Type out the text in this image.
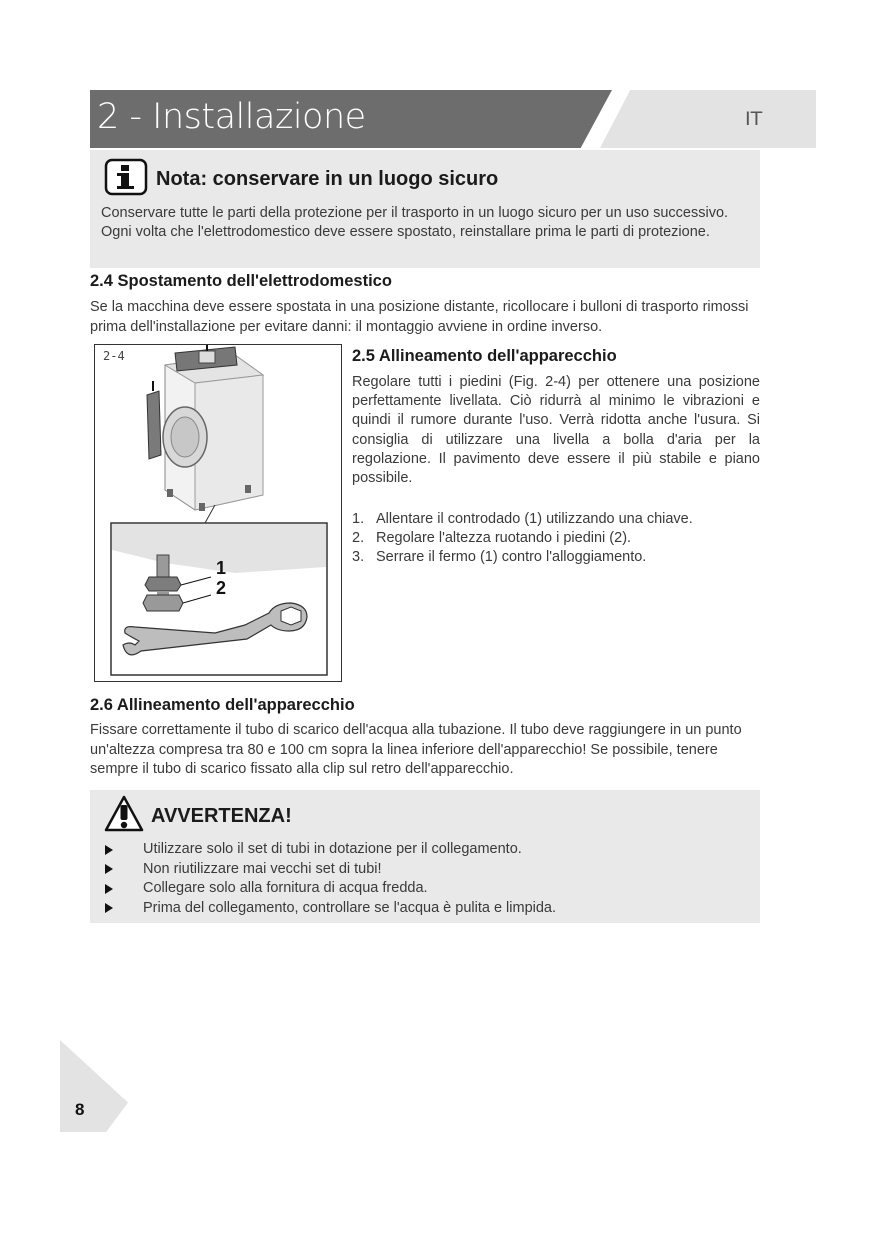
2 - Installazione	IT
Nota: conservare in un luogo sicuro
Conservare tutte le parti della protezione per il trasporto in un luogo sicuro per un uso successivo. Ogni volta che l'elettrodomestico deve essere spostato, reinstallare prima le parti di protezione.
2.4 Spostamento dell'elettrodomestico
Se la macchina deve essere spostata in una posizione distante, ricollocare i bulloni di trasporto rimossi prima dell'installazione per evitare danni: il montaggio avviene in ordine inverso.
2-4
1
2
2.5 Allineamento dell'apparecchio
Regolare tutti i piedini (Fig. 2-4) per ottenere una posizione perfettamente livellata. Ciò ridurrà al minimo le vibrazioni e quindi il rumore durante l'uso. Verrà ridotta anche l'usura. Si consiglia di utilizzare una livella a bolla d'aria per la regolazione. Il pavimento deve essere il più stabile e piano possibile.
1. Allentare il controdado (1) utilizzando una chiave.
2. Regolare l'altezza ruotando i piedini (2).
3. Serrare il fermo (1) contro l'alloggiamento.
2.6 Allineamento dell'apparecchio
Fissare correttamente il tubo di scarico dell'acqua alla tubazione. Il tubo deve raggiungere in un punto un'altezza compresa tra 80 e 100 cm sopra la linea inferiore dell'apparecchio! Se possibile, tenere sempre il tubo di scarico fissato alla clip sul retro dell'apparecchio.
AVVERTENZA!
Utilizzare solo il set di tubi in dotazione per il collegamento.
Non riutilizzare mai vecchi set di tubi!
Collegare solo alla fornitura di acqua fredda.
Prima del collegamento, controllare se l'acqua è pulita e limpida.
8
